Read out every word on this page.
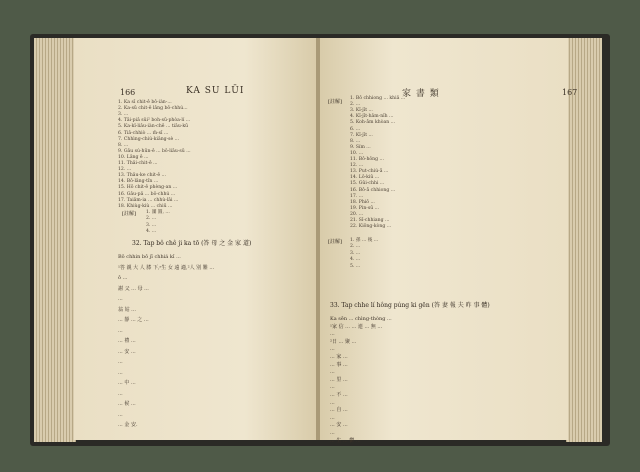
166	KA SU LŪI	家 書 類	167
1. Ka sī chit-ê bô-iàn-...
2. Ka-sū chit-ê lâng bô-chhú...
3. ...
4. Tāi-piâ sûi² boh-sū-phòa-lí ...
5. Ka-kî-liâu-iàn-chē ... tiāu-kū
6. Tiâ-chhiò ... m̄-sī ...
7. Chhìng-chiú-kiâng-sè ...
8. ...
9. Gâu sú-hūn-ê ... bô-liāu-sū ...
10. Lâng ê ...
11. Thâi-chit-ê ...
12. ...
13. Thâu-ke chit-ê ...
14. Bô-lâng-tîn ...
15. Hō chit-ê phèng-an ...
16. Gâu-pâ ... bô-chhú ...
17. Taiâm-ia ... chhù-lāi ...
18. Khiùg-kiù ... chiū ...
[註解] 1. 團 圓, ...
2. ...
3. ...
4. ...
32. Tap bô chê ji ka tō (答 母 之 金 家 道)
Bô chhin bô jī chhiá kî ...
¹答 親 大 人 膝 下,ˢ生 女 遠 適,²人 別 難 ...
ǒ ...
謝 父 ... 母 ...
...
翁 姑 ...
... 靜 ... 之 ...
...
... 禮 ...
... 安 ...
...
...
... 中 ...
...
... 候 ...
...
... 金 安.
[註解]
1. Bô chhiong ... khiâ ...
2. ...
3. Kî-jīt ...
4. Kî-jīt-hâm-nîh ...
5. Koh-ǎm khòan ...
6. ...
7. Kî-jīt ...
8. ...
9. Sím ...
10. ...
11. Bô-hông ...
12. ...
13. Put-chiú-ǎ ...
14. Lô-kiû ...
15. Gûi-chhi ...
16. Bô-ǎ chhiong ...
17. ...
18. Phiō ...
19. Pin-sū ...
20. ...
21. Sî-chhiang ...
22. Kiōng-kòng ...
[註解] 1. 孫 ... 後 ...
2. ...
3. ...
4. ...
5. ...
33. Tap chhe lí hông púng ki gēn (答 妻 報 夫 昨 事 體)
Ka sēn ... chìng-thòng ...
¹家 信 ... ... 連 ... 無 ...
...
²日 ... 聚 ...
...
... 家 ...
... 事 ...
...
... 里 ...
...
... 不 ...
...
... 自 ...
...
... 安 ...
...
... 生 ... 鬱 ...
